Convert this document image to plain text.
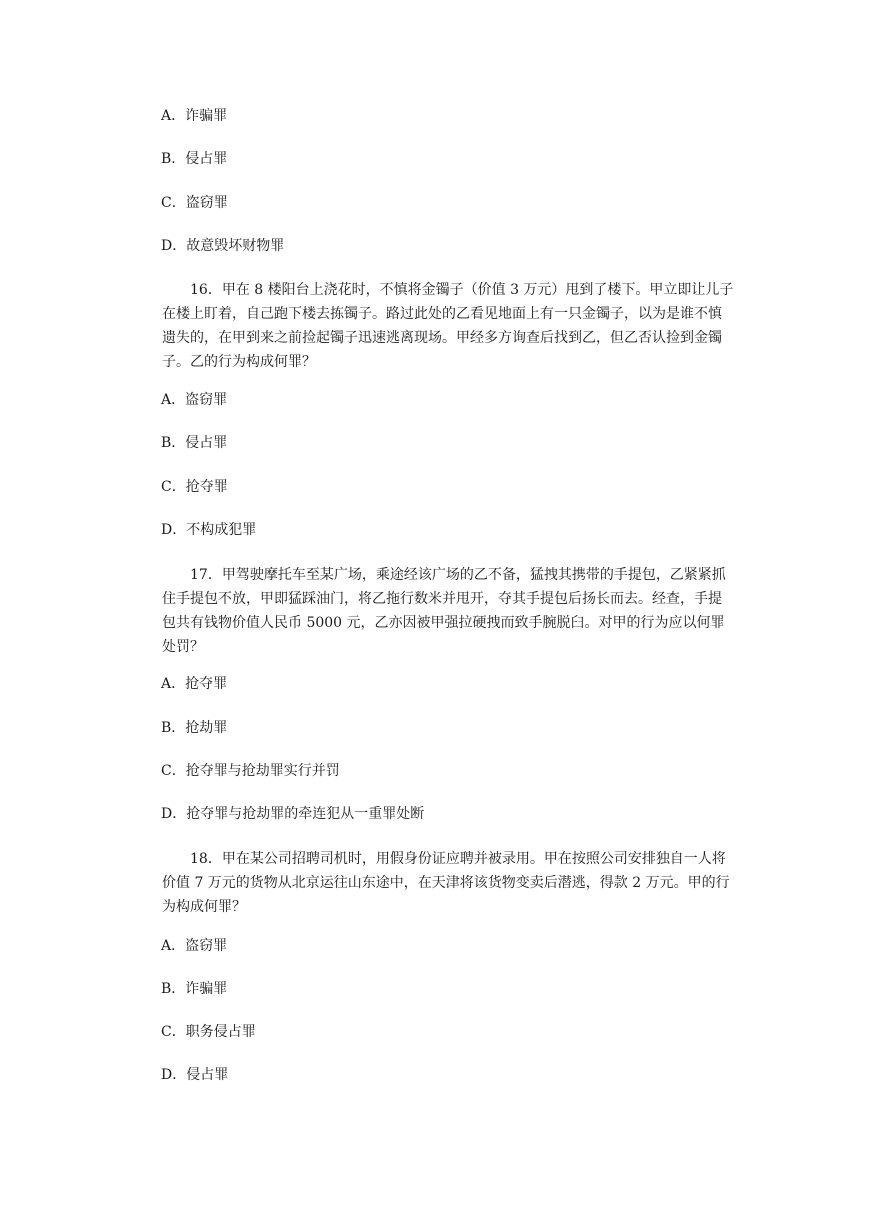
A．诈骗罪
B．侵占罪
C．盗窃罪
D．故意毁坏财物罪
16．甲在 8 楼阳台上浇花时，不慎将金镯子（价值 3 万元）甩到了楼下。甲立即让儿子
在楼上盯着，自己跑下楼去拣镯子。路过此处的乙看见地面上有一只金镯子，以为是谁不慎
遗失的，在甲到来之前捡起镯子迅速逃离现场。甲经多方询查后找到乙，但乙否认捡到金镯
子。乙的行为构成何罪？
A．盗窃罪
B．侵占罪
C．抢夺罪
D．不构成犯罪
17．甲驾驶摩托车至某广场，乘途经该广场的乙不备，猛拽其携带的手提包，乙紧紧抓
住手提包不放，甲即猛踩油门，将乙拖行数米并甩开，夺其手提包后扬长而去。经查，手提
包共有钱物价值人民币 5000 元，乙亦因被甲强拉硬拽而致手腕脱臼。对甲的行为应以何罪
处罚？
A．抢夺罪
B．抢劫罪
C．抢夺罪与抢劫罪实行并罚
D．抢夺罪与抢劫罪的牵连犯从一重罪处断
18．甲在某公司招聘司机时，用假身份证应聘并被录用。甲在按照公司安排独自一人将
价值 7 万元的货物从北京运往山东途中，在天津将该货物变卖后潜逃，得款 2 万元。甲的行
为构成何罪？
A．盗窃罪
B．诈骗罪
C．职务侵占罪
D．侵占罪
